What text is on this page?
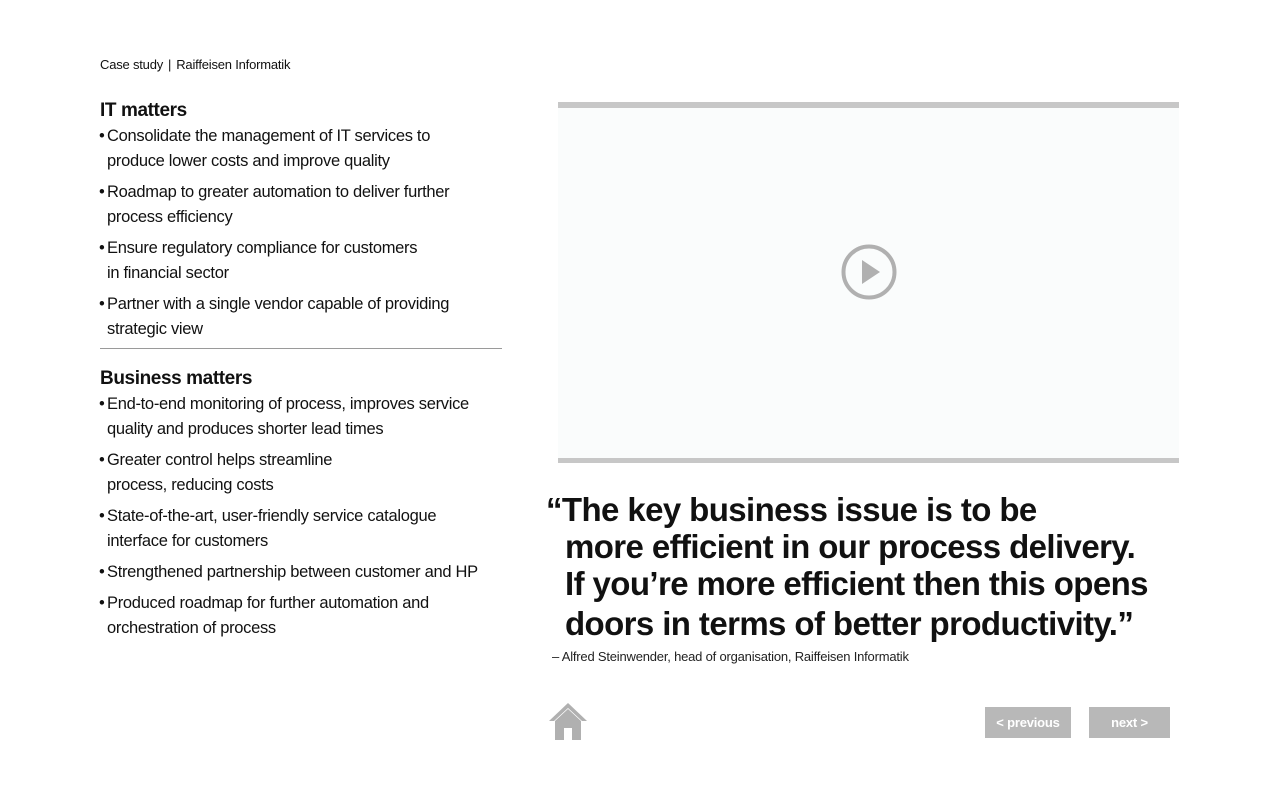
Case study | Raiffeisen Informatik
IT matters
• Consolidate the management of IT services to
produce lower costs and improve quality
• Roadmap to greater automation to deliver further
process efficiency
• Ensure regulatory compliance for customers
in financial sector
• Partner with a single vendor capable of providing
strategic view
Business matters
• End-to-end monitoring of process, improves service
quality and produces shorter lead times
• Greater control helps streamline
process, reducing costs
• State-of-the-art, user-friendly service catalogue
interface for customers
• Strengthened partnership between customer and HP
• Produced roadmap for further automation and
orchestration of process

“The key business issue is to be
more efficient in our process delivery.
If you’re more efficient then this opens
doors in terms of better productivity.”

– Alfred Steinwender, head of organisation, Raiffeisen Informatik
< previous	next >
